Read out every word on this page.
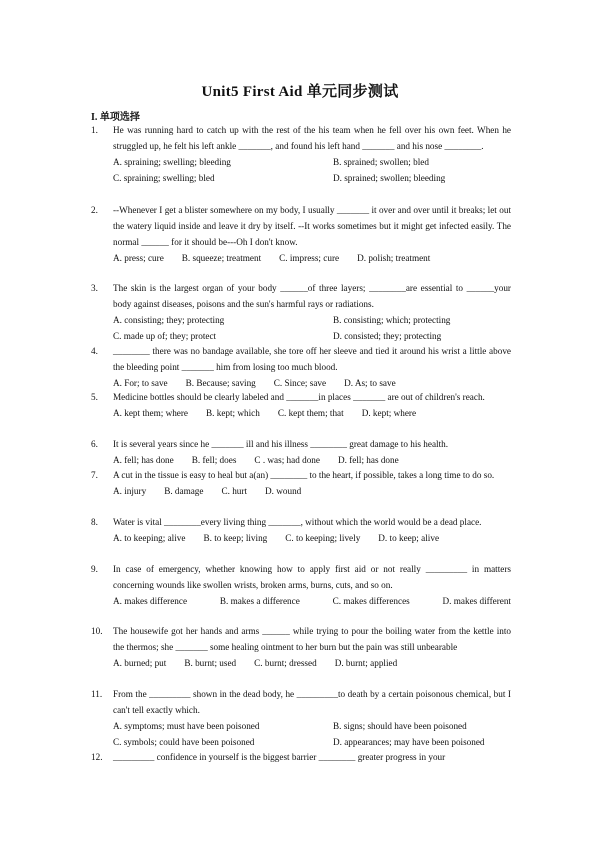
Unit5 First Aid 单元同步测试
I. 单项选择
1.	He was running hard to catch up with the rest of the his team when he fell over his own feet. When he struggled up, he felt his left ankle _______, and found his left hand _______ and his nose ________.
A. spraining; swelling; bleeding	B. sprained; swollen; bled
C. spraining; swelling; bled	D. sprained; swollen; bleeding
2.	--Whenever I get a blister somewhere on my body, I usually _______ it over and over until it breaks; let out the watery liquid inside and leave it dry by itself. --It works sometimes but it might get infected easily. The normal ______ for it should be---Oh I don't know.
A. press; cure B. squeeze; treatment C. impress; cure D. polish; treatment
3.	The skin is the largest organ of your body ______of three layers; ________are essential to ______your body against diseases, poisons and the sun's harmful rays or radiations.
A. consisting; they; protecting	B. consisting; which; protecting
C. made up of; they; protect	D. consisted; they; protecting
4.	________ there was no bandage available, she tore off her sleeve and tied it around his wrist a little above the bleeding point _______ him from losing too much blood.
A. For; to save B. Because; saving C. Since; save D. As; to save
5.	Medicine bottles should be clearly labeled and _______in places _______ are out of children's reach.
A. kept them; where B. kept; which C. kept them; that D. kept; where
6.	It is several years since he _______ ill and his illness ________ great damage to his health.
A. fell; has done B. fell; does C . was; had done D. fell; has done
7.	A cut in the tissue is easy to heal but a(an) ________ to the heart, if possible, takes a long time to do so.
A. injury B. damage C. hurt D. wound
8.	Water is vital ________every living thing _______, without which the world would be a dead place.
A. to keeping; alive B. to keep; living C. to keeping; lively D. to keep; alive
9.	In case of emergency, whether knowing how to apply first aid or not really _________ in matters concerning wounds like swollen wrists, broken arms, burns, cuts, and so on.
A. makes difference	B. makes a difference	C. makes differences	D. makes different
10.	The housewife got her hands and arms ______ while trying to pour the boiling water from the kettle into the thermos; she _______ some healing ointment to her burn but the pain was still unbearable
A. burned; put B. burnt; used C. burnt; dressed D. burnt; applied
11.	From the _________ shown in the dead body, he _________to death by a certain poisonous chemical, but I can't tell exactly which.
A. symptoms; must have been poisoned	B. signs; should have been poisoned
C. symbols; could have been poisoned	D. appearances; may have been poisoned
12.	_________ confidence in yourself is the biggest barrier ________ greater progress in your
